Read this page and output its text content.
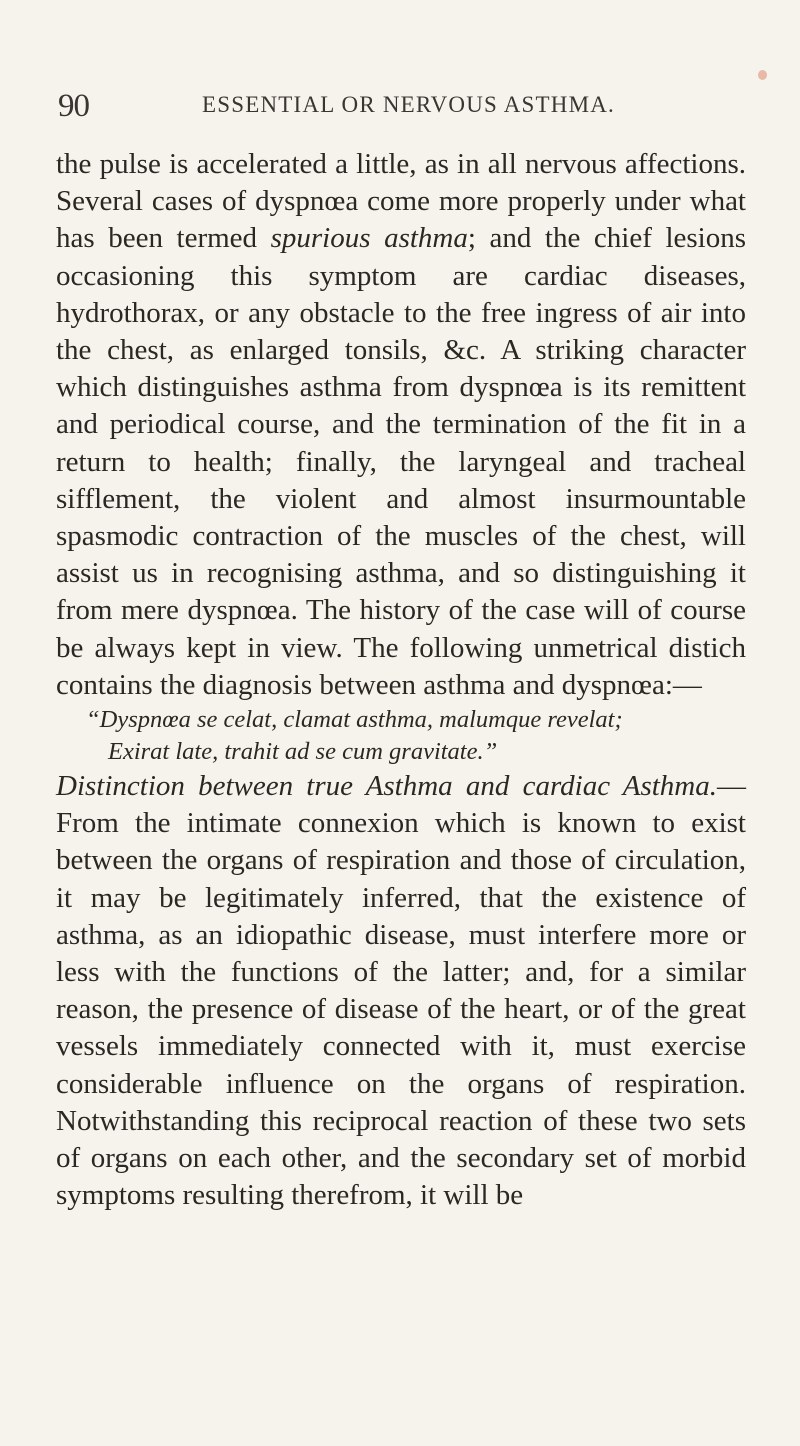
90	ESSENTIAL OR NERVOUS ASTHMA.

the pulse is accelerated a little, as in all nervous affections. Several cases of dyspnœa come more properly under what has been termed spurious asthma; and the chief lesions occasioning this symptom are cardiac diseases, hydrothorax, or any obstacle to the free ingress of air into the chest, as enlarged tonsils, &c. A striking character which distinguishes asthma from dyspnœa is its remittent and periodical course, and the termination of the fit in a return to health; finally, the laryngeal and tracheal sifflement, the violent and almost insurmountable spasmodic contraction of the muscles of the chest, will assist us in recognising asthma, and so distinguishing it from mere dyspnœa. The history of the case will of course be always kept in view. The following unmetrical distich contains the diagnosis between asthma and dyspnœa:—

“Dyspnœa se celat, clamat asthma, malumque revelat;
Exirat late, trahit ad se cum gravitate.”

Distinction between true Asthma and cardiac Asthma.—From the intimate connexion which is known to exist between the organs of respiration and those of circulation, it may be legitimately inferred, that the existence of asthma, as an idiopathic disease, must interfere more or less with the functions of the latter; and, for a similar reason, the presence of disease of the heart, or of the great vessels immediately connected with it, must exercise considerable influence on the organs of respiration. Notwithstanding this reciprocal reaction of these two sets of organs on each other, and the secondary set of morbid symptoms resulting therefrom, it will be
